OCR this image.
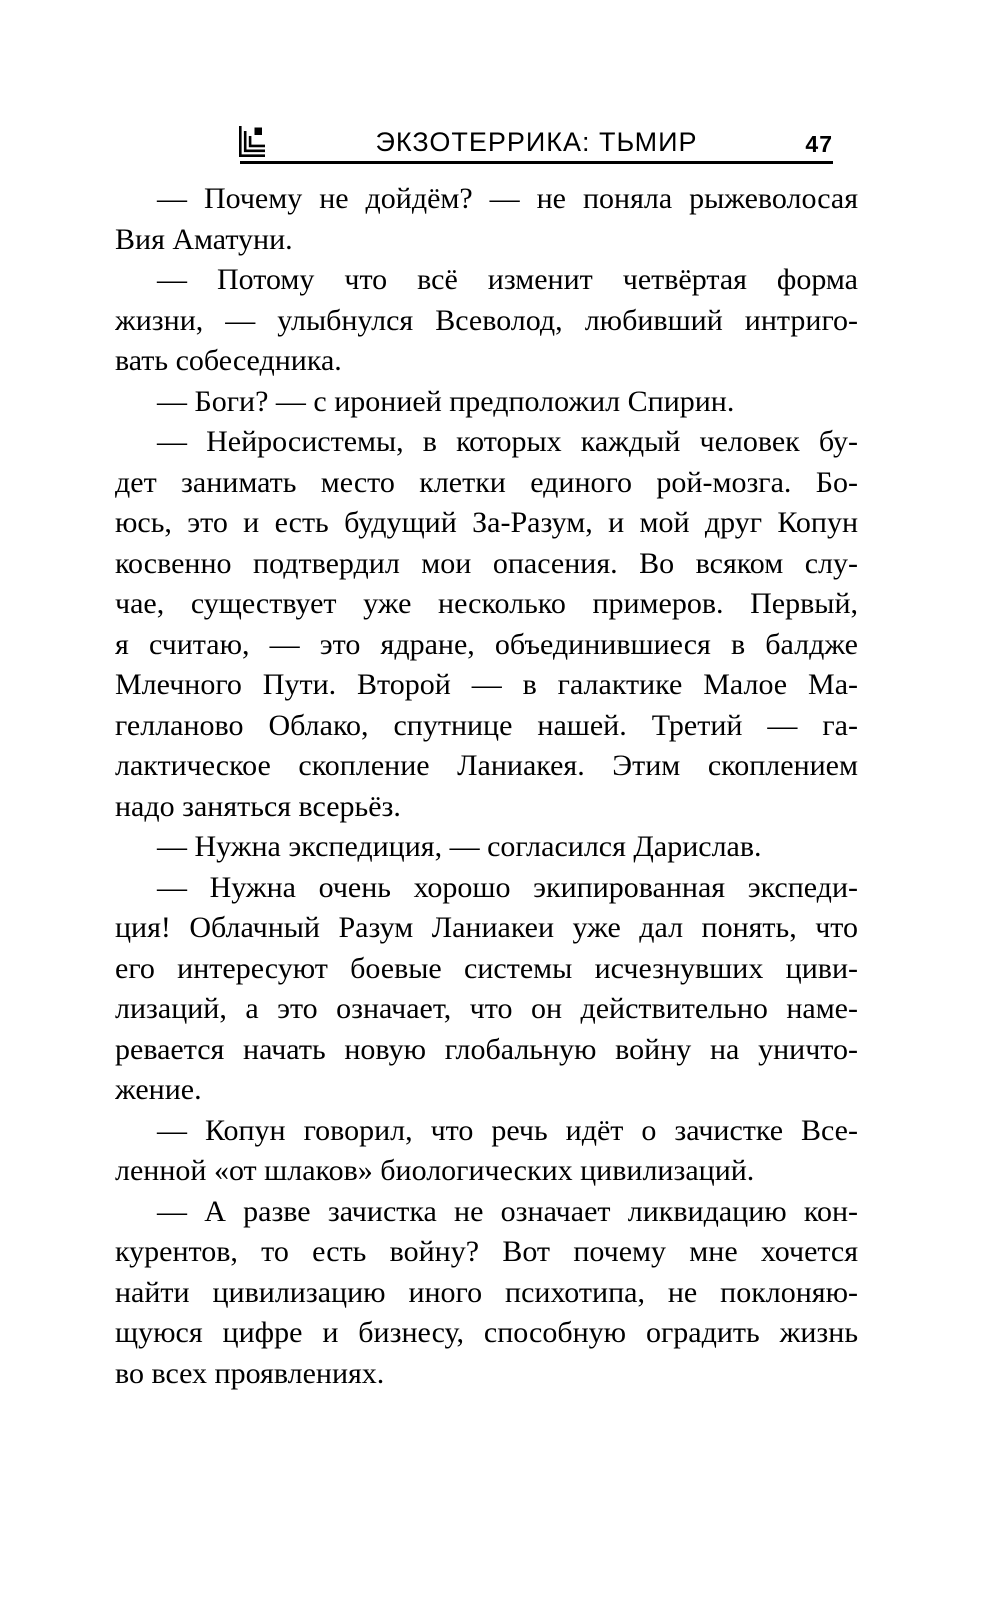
ЭКЗОТЕРРИКА: ТЬМИР	47
— Почему не дойдём? — не поняла рыжеволосая
Вия Аматуни.
— Потому что всё изменит четвёртая форма
жизни, — улыбнулся Всеволод, любивший интриго-
вать собеседника.
— Боги? — с иронией предположил Спирин.
— Нейросистемы, в которых каждый человек бу-
дет занимать место клетки единого рой-мозга. Бо-
юсь, это и есть будущий За-Разум, и мой друг Копун
косвенно подтвердил мои опасения. Во всяком слу-
чае, существует уже несколько примеров. Первый,
я считаю, — это ядране, объединившиеся в балдже
Млечного Пути. Второй — в галактике Малое Ма-
гелланово Облако, спутнице нашей. Третий — га-
лактическое скопление Ланиакея. Этим скоплением
надо заняться всерьёз.
— Нужна экспедиция, — согласился Дарислав.
— Нужна очень хорошо экипированная экспеди-
ция! Облачный Разум Ланиакеи уже дал понять, что
его интересуют боевые системы исчезнувших циви-
лизаций, а это означает, что он действительно наме-
ревается начать новую глобальную войну на уничто-
жение.
— Копун говорил, что речь идёт о зачистке Все-
ленной «от шлаков» биологических цивилизаций.
— А разве зачистка не означает ликвидацию кон-
курентов, то есть войну? Вот почему мне хочется
найти цивилизацию иного психотипа, не поклоняю-
щуюся цифре и бизнесу, способную оградить жизнь
во всех проявлениях.
